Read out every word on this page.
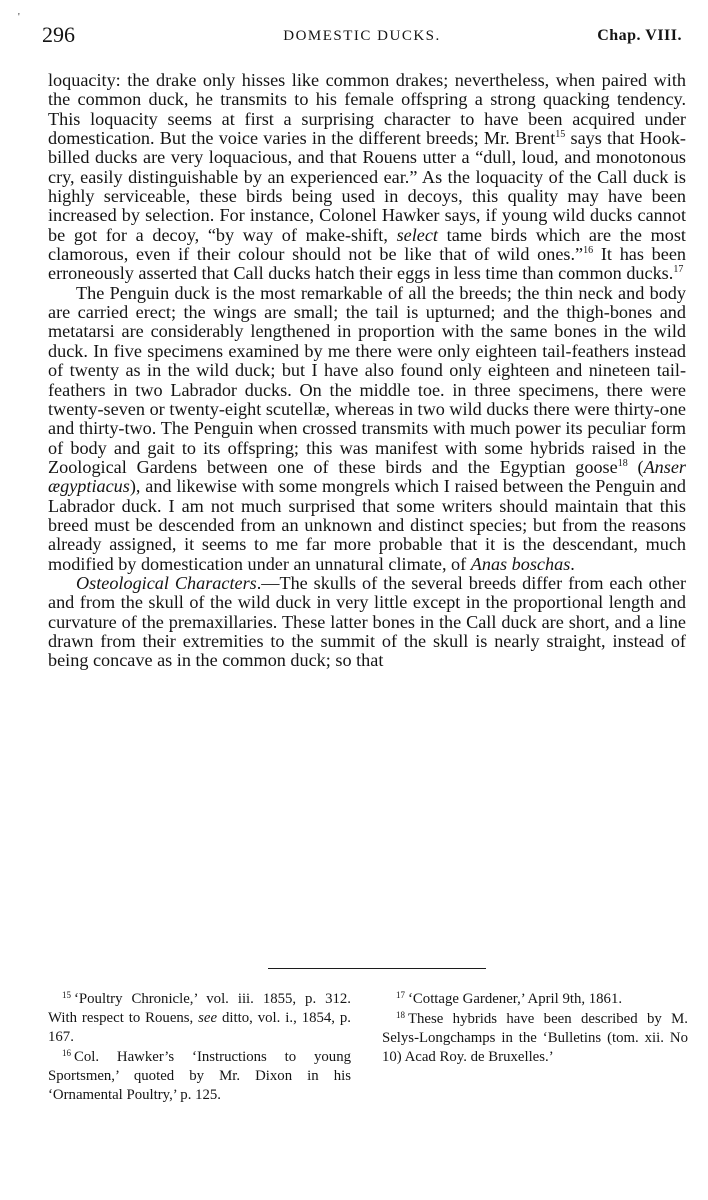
'
296	DOMESTIC DUCKS.	Chap. VIII.

loquacity: the drake only hisses like common drakes; nevertheless, when paired with the common duck, he transmits to his female offspring a strong quacking tendency. This loquacity seems at first a surprising character to have been acquired under domestication. But the voice varies in the different breeds; Mr. Brent$^{15}$ says that Hook-billed ducks are very loquacious, and that Rouens utter a “dull, loud, and monotonous cry, easily distinguishable by an experienced ear.” As the loquacity of the Call duck is highly serviceable, these birds being used in decoys, this quality may have been increased by selection. For instance, Colonel Hawker says, if young wild ducks cannot be got for a decoy, “by way of make-shift, select tame birds which are the most clamorous, even if their colour should not be like that of wild ones.”$^{16}$ It has been erroneously asserted that Call ducks hatch their eggs in less time than common ducks.$^{17}$

The Penguin duck is the most remarkable of all the breeds; the thin neck and body are carried erect; the wings are small; the tail is upturned; and the thigh-bones and metatarsi are considerably lengthened in proportion with the same bones in the wild duck. In five specimens examined by me there were only eighteen tail-feathers instead of twenty as in the wild duck; but I have also found only eighteen and nineteen tail-feathers in two Labrador ducks. On the middle toe. in three specimens, there were twenty-seven or twenty-eight scutellæ, whereas in two wild ducks there were thirty-one and thirty-two. The Penguin when crossed transmits with much power its peculiar form of body and gait to its offspring; this was manifest with some hybrids raised in the Zoological Gardens between one of these birds and the Egyptian goose$^{18}$ (Anser ægyptiacus), and likewise with some mongrels which I raised between the Penguin and Labrador duck. I am not much surprised that some writers should maintain that this breed must be descended from an unknown and distinct species; but from the reasons already assigned, it seems to me far more probable that it is the descendant, much modified by domestication under an unnatural climate, of Anas boschas.

Osteological Characters.—The skulls of the several breeds differ from each other and from the skull of the wild duck in very little except in the proportional length and curvature of the premaxillaries. These latter bones in the Call duck are short, and a line drawn from their extremities to the summit of the skull is nearly straight, instead of being concave as in the common duck; so that

$^{15}$ ‘Poultry Chronicle,’ vol. iii. 1855, p. 312. With respect to Rouens, see ditto, vol. i., 1854, p. 167.

$^{16}$ Col. Hawker’s ‘Instructions to young Sportsmen,’ quoted by Mr. Dixon in his ‘Ornamental Poultry,’ p. 125.

$^{17}$ ‘Cottage Gardener,’ April 9th, 1861.

$^{18}$ These hybrids have been described by M. Selys-Longchamps in the ‘Bulletins (tom. xii. No 10) Acad Roy. de Bruxelles.’
